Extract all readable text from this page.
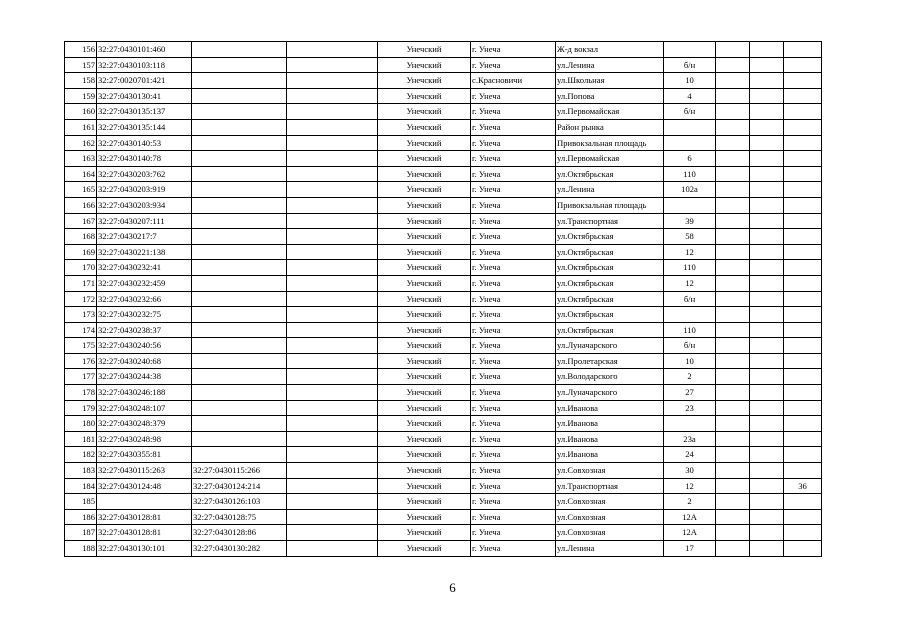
156	32:27:0430101:460			Унечский	г. Унеча	Ж-д вокзал				
157	32:27:0430103:118			Унечский	г. Унеча	ул.Ленина	б/н			
158	32:27:0020701:421			Унечский	с.Красновичи	ул.Школьная	10			
159	32:27:0430130:41			Унечский	г. Унеча	ул.Попова	4			
160	32:27:0430135:137			Унечский	г. Унеча	ул.Первомайская	б/н			
161	32:27:0430135:144			Унечский	г. Унеча	Район рынка				
162	32:27:0430140:53			Унечский	г. Унеча	Привокзальная площадь				
163	32:27:0430140:78			Унечский	г. Унеча	ул.Первомайская	6			
164	32:27:0430203:762			Унечский	г. Унеча	ул.Октябрьская	110			
165	32:27:0430203:919			Унечский	г. Унеча	ул.Ленина	102а			
166	32:27:0430203:934			Унечский	г. Унеча	Привокзальная площадь				
167	32:27:0430207:111			Унечский	г. Унеча	ул.Транспортная	39			
168	32:27:0430217:7			Унечский	г. Унеча	ул.Октябрьская	58			
169	32:27:0430221:138			Унечский	г. Унеча	ул.Октябрьская	12			
170	32:27:0430232:41			Унечский	г. Унеча	ул.Октябрьская	110			
171	32:27:0430232:459			Унечский	г. Унеча	ул.Октябрьская	12			
172	32:27:0430232:66			Унечский	г. Унеча	ул.Октябрьская	б/н			
173	32:27:0430232:75			Унечский	г. Унеча	ул.Октябрьская				
174	32:27:0430238:37			Унечский	г. Унеча	ул.Октябрьская	110			
175	32:27:0430240:56			Унечский	г. Унеча	ул.Луначарского	б/н			
176	32:27:0430240:68			Унечский	г. Унеча	ул.Пролетарская	10			
177	32:27:0430244:38			Унечский	г. Унеча	ул.Володарского	2			
178	32:27:0430246:188			Унечский	г. Унеча	ул.Луначарского	27			
179	32:27:0430248:107			Унечский	г. Унеча	ул.Иванова	23			
180	32:27:0430248:379			Унечский	г. Унеча	ул.Иванова				
181	32:27:0430248:98			Унечский	г. Унеча	ул.Иванова	23а			
182	32:27:0430355:81			Унечский	г. Унеча	ул.Иванова	24			
183	32:27:0430115:263	32:27:0430115:266		Унечский	г. Унеча	ул.Совхозная	30			
184	32:27:0430124:48	32:27:0430124:214		Унечский	г. Унеча	ул.Транспортная	12			36
185		32:27:0430126:103		Унечский	г. Унеча	ул.Совхозная	2			
186	32:27:0430128:81	32:27:0430128:75		Унечский	г. Унеча	ул.Совхозная	12А			
187	32:27:0430128:81	32:27:0430128:86		Унечский	г. Унеча	ул.Совхозная	12А			
188	32:27:0430130:101	32:27:0430130:282		Унечский	г. Унеча	ул.Ленина	17			
6
